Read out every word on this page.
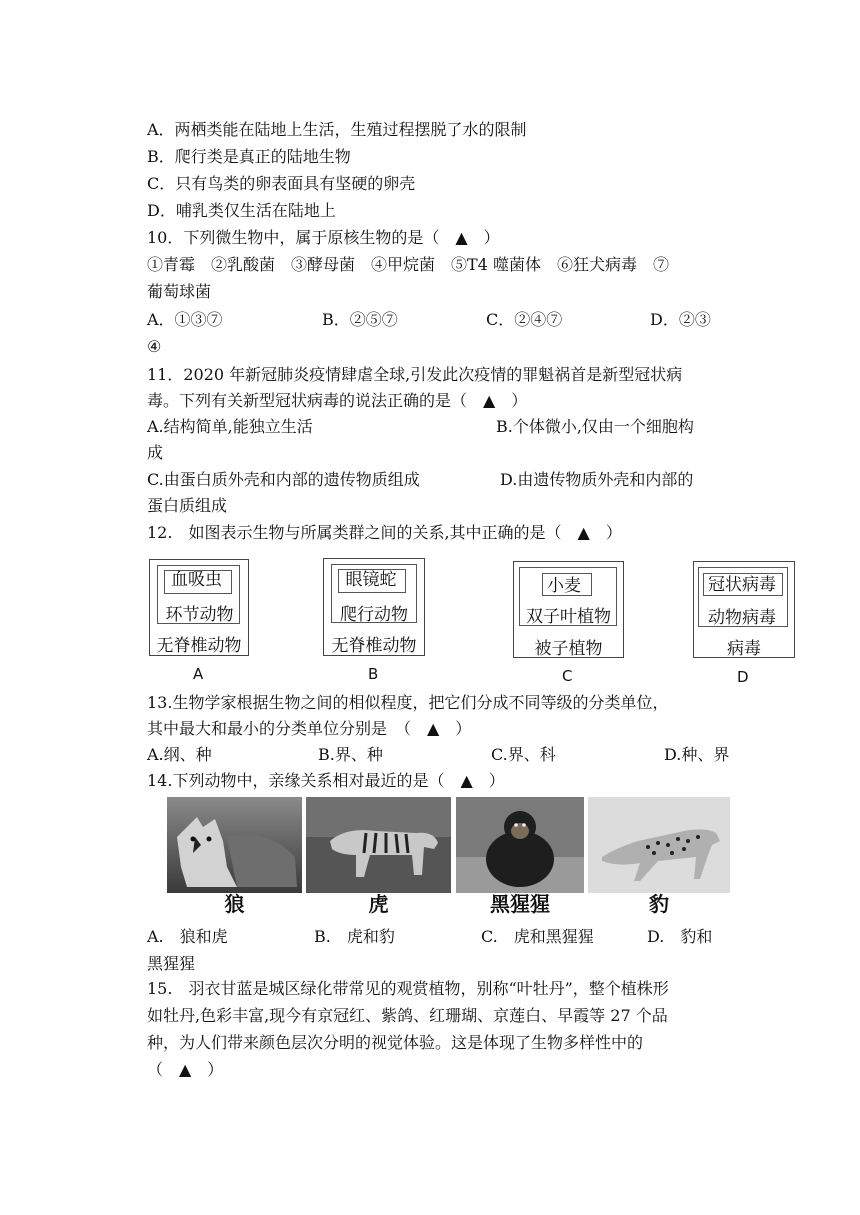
A．两栖类能在陆地上生活，生殖过程摆脱了水的限制
B．爬行类是真正的陆地生物
C．只有鸟类的卵表面具有坚硬的卵壳
D．哺乳类仅生活在陆地上
10．下列微生物中，属于原核生物的是（　▲　）
①青霉　②乳酸菌　③酵母菌　④甲烷菌　⑤T4 噬菌体　⑥狂犬病毒　⑦
葡萄球菌
A．①③⑦	B．②⑤⑦	C．②④⑦	D．②③
④
11．2020 年新冠肺炎疫情肆虐全球,引发此次疫情的罪魁祸首是新型冠状病
毒。下列有关新型冠状病毒的说法正确的是（　▲　）
A.结构简单,能独立生活	B.个体微小,仅由一个细胞构
成
C.由蛋白质外壳和内部的遗传物质组成	D.由遗传物质外壳和内部的
蛋白质组成
12.　如图表示生物与所属类群之间的关系,其中正确的是（　▲　）
血吸虫
环节动物
无脊椎动物
A
眼镜蛇
爬行动物
无脊椎动物
B
小麦
双子叶植物
被子植物
C
冠状病毒
动物病毒
病毒
D
13.生物学家根据生物之间的相似程度，把它们分成不同等级的分类单位，
其中最大和最小的分类单位分别是　（　▲　）
A.纲、种	B.界、种	C.界、科	D.种、界
14.下列动物中，亲缘关系相对最近的是（　▲　）
狼	虎	黑猩猩	豹
A.　狼和虎	B.　虎和豹	C.　虎和黑猩猩	D.　豹和
黑猩猩
15.　羽衣甘蓝是城区绿化带常见的观赏植物，别称“叶牡丹”，整个植株形
如牡丹,色彩丰富,现今有京冠红、紫鸽、红珊瑚、京莲白、早霞等 27 个品
种，为人们带来颜色层次分明的视觉体验。这是体现了生物多样性中的
（　▲　）
